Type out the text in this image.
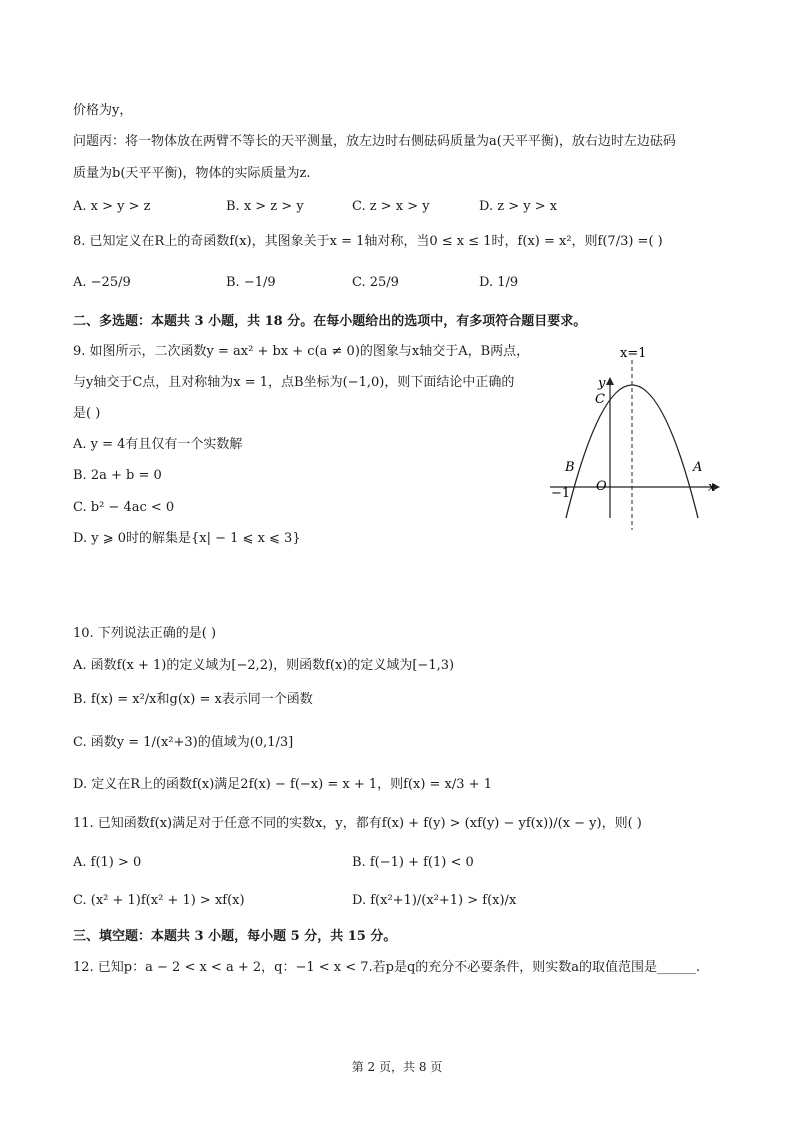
价格为y，
问题丙：将一物体放在两臂不等长的天平测量，放左边时右侧砝码质量为a(天平平衡)，放右边时左边砝码
质量为b(天平平衡)，物体的实际质量为z.
A. x > y > z	B. x > z > y	C. z > x > y	D. z > y > x
8. 已知定义在R上的奇函数f(x)，其图象关于x = 1轴对称，当0 ≤ x ≤ 1时，f(x) = x²，则f(7/3) =( )
A. −25/9	B. −1/9	C. 25/9	D. 1/9
二、多选题：本题共 3 小题，共 18 分。在每小题给出的选项中，有多项符合题目要求。
9. 如图所示，二次函数y = ax² + bx + c(a ≠ 0)的图象与x轴交于A，B两点，
与y轴交于C点，且对称轴为x = 1，点B坐标为(−1,0)，则下面结论中正确的
是( )
A. y = 4有且仅有一个实数解
B. 2a + b = 0
C. b² − 4ac < 0
D. y ⩾ 0时的解集是{x| − 1 ⩽ x ⩽ 3}
x=1
y
C
B	A
O
−1	x
10. 下列说法正确的是( )
A. 函数f(x + 1)的定义域为[−2,2)，则函数f(x)的定义域为[−1,3)
B. f(x) = x²/x和g(x) = x表示同一个函数
C. 函数y = 1/(x²+3)的值域为(0,1/3]
D. 定义在R上的函数f(x)满足2f(x) − f(−x) = x + 1，则f(x) = x/3 + 1
11. 已知函数f(x)满足对于任意不同的实数x，y，都有f(x) + f(y) > (xf(y) − yf(x))/(x − y)，则( )
A. f(1) > 0	B. f(−1) + f(1) < 0
C. (x² + 1)f(x² + 1) > xf(x)	D. f(x²+1)/(x²+1) > f(x)/x
三、填空题：本题共 3 小题，每小题 5 分，共 15 分。
12. 已知p：a − 2 < x < a + 2，q：−1 < x < 7.若p是q的充分不必要条件，则实数a的取值范围是______.
第 2 页，共 8 页
